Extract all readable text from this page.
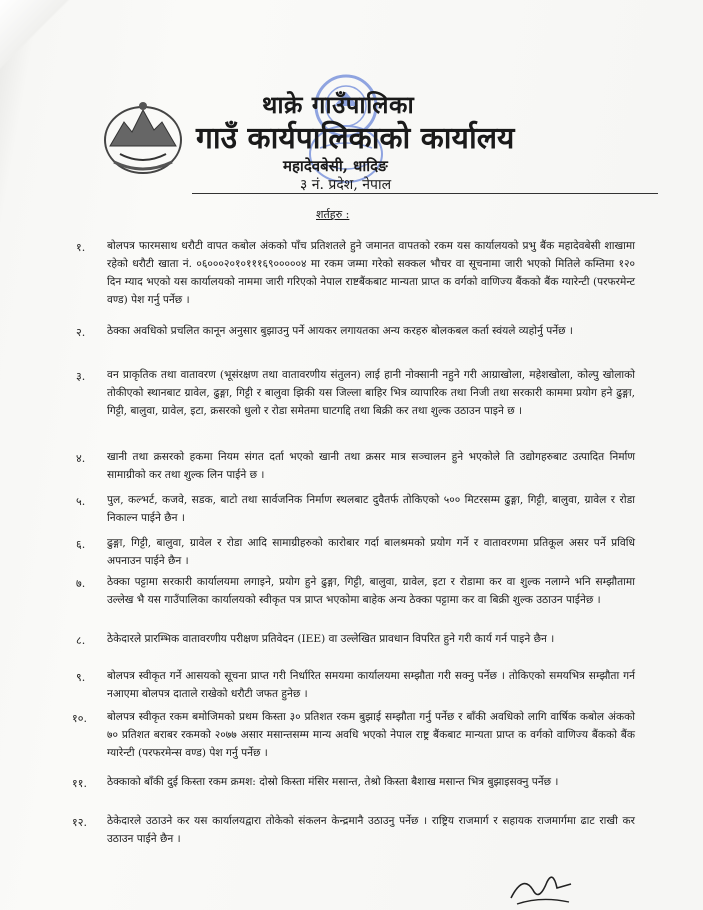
थाक्रे गाउँपालिका
गाउँ कार्यपालिकाको कार्यालय
महादेवबेसी, धादिङ
३ नं. प्रदेश, नेपाल
शर्तहरु :
१. बोलपत्र फारमसाथ धरौटी वापत कबोल अंकको पाँच प्रतिशतले हुने जमानत वापतको रकम यस कार्यालयको प्रभु बैंक महादेवबेसी शाखामा रहेको धरौटी खाता नं. ०६०००२०१०१११६९०००००४ मा रकम जम्मा गरेको सक्कल भौचर वा सूचनामा जारी भएको मितिले कम्तिमा १२० दिन म्याद भएको यस कार्यालयको नाममा जारी गरिएको नेपाल राष्टबैंकबाट मान्यता प्राप्त क वर्गको वाणिज्य बैंकको बैंक ग्यारेन्टी (परफरमेन्ट वण्ड) पेश गर्नु पर्नेछ ।
२. ठेक्का अवधिको प्रचलित कानून अनुसार बुझाउनु पर्ने आयकर लगायतका अन्य करहरु बोलकबल कर्ता स्वंयले व्यहोर्नु पर्नेछ ।
३. वन प्राकृतिक तथा वातावरण (भूसंरक्षण तथा वातावरणीय संतुलन) लाई हानी नोक्सानी नहुने गरी आग्राखोला, महेशखोला, कोल्पु खोलाको तोकीएको स्थानबाट ग्रावेल, ढुङ्गा, गिट्टी र बालुवा झिकी यस जिल्ला बाहिर भित्र व्यापारिक तथा निजी तथा सरकारी काममा प्रयोग हने ढुङ्गा, गिट्टी, बालुवा, ग्रावेल, इटा, क्रसरको धुलो र रोडा समेतमा घाटगद्दि तथा बिक्री कर तथा शुल्क उठाउन पाइने छ ।
४. खानी तथा क्रसरको हकमा नियम संगत दर्ता भएको खानी तथा क्रसर मात्र सञ्चालन हुने भएकोले ति उद्योगहरुबाट उत्पादित निर्माण सामाग्रीको कर तथा शुल्क लिन पाईने छ ।
५. पुल, कल्भर्ट, कजवे, सडक, बाटो तथा सार्वजनिक निर्माण स्थलबाट दुवैतर्फ तोकिएको ५०० मिटरसम्म ढुङ्गा, गिट्टी, बालुवा, ग्रावेल र रोडा निकाल्न पाईने छैन ।
६. ढुङ्गा, गिट्टी, बालुवा, ग्रावेल र रोडा आदि सामाग्रीहरुको कारोबार गर्दा बालश्रमको प्रयोग गर्ने र वातावरणमा प्रतिकूल असर पर्ने प्रविधि अपनाउन पाईने छैन ।
७. ठेक्का पट्टामा सरकारी कार्यालयमा लगाइने, प्रयोग हुने ढुङ्गा, गिट्टी, बालुवा, ग्रावेल, इटा र रोडामा कर वा शुल्क नलाग्ने भनि सम्झौतामा उल्लेख भै यस गाउँपालिका कार्यालयको स्वीकृत पत्र प्राप्त भएकोमा बाहेक अन्य ठेक्का पट्टामा कर वा बिक्री शुल्क उठाउन पाईनेछ ।
८. ठेकेदारले प्रारम्भिक वातावरणीय परीक्षण प्रतिवेदन (IEE) वा उल्लेखित प्रावधान विपरित हुने गरी कार्य गर्न पाइने छैन ।
९. बोलपत्र स्वीकृत गर्ने आसयको सूचना प्राप्त गरी निर्धारित समयमा कार्यालयमा सम्झौता गरी सक्नु पर्नेछ । तोकिएको समयभित्र सम्झौता गर्न नआएमा बोलपत्र दाताले राखेको धरौटी जफत हुनेछ ।
१०. बोलपत्र स्वीकृत रकम बमोजिमको प्रथम किस्ता ३० प्रतिशत रकम बुझाई सम्झौता गर्नु पर्नेछ र बाँकी अवधिको लागि वार्षिक कबोल अंकको ७० प्रतिशत बराबर रकमको २०७७ असार मसान्तसम्म मान्य अवधि भएको नेपाल राष्ट्र बैंकबाट मान्यता प्राप्त क वर्गको वाणिज्य बैंकको बैंक ग्यारेन्टी (परफरमेन्स वण्ड) पेश गर्नु पर्नेछ ।
११. ठेक्काको बाँकी दुई किस्ता रकम क्रमश: दोस्रो किस्ता मंसिर मसान्त, तेश्रो किस्ता बैशाख मसान्त भित्र बुझाइसक्नु पर्नेछ ।
१२. ठेकेदारले उठाउने कर यस कार्यालयद्वारा तोकेको संकलन केन्द्रमानै उठाउनु पर्नेछ । राष्ट्रिय राजमार्ग र सहायक राजमार्गमा ढाट राखी कर उठाउन पाईने छैन ।
